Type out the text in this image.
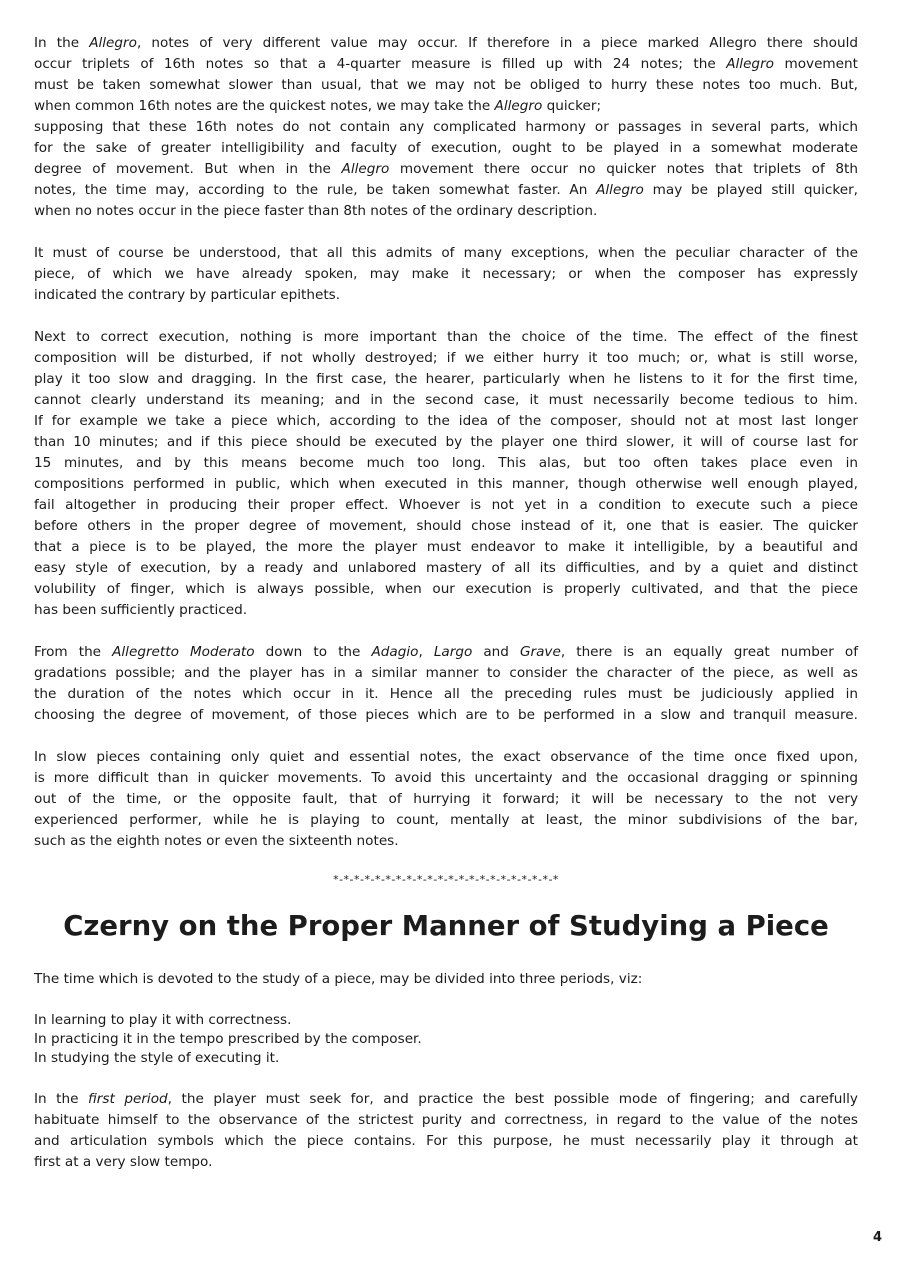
In the Allegro, notes of very different value may occur. If therefore in a piece marked Allegro there should
occur triplets of 16th notes so that a 4-quarter measure is filled up with 24 notes; the Allegro movement
must be taken somewhat slower than usual, that we may not be obliged to hurry these notes too much. But,
when common 16th notes are the quickest notes, we may take the Allegro quicker;
supposing that these 16th notes do not contain any complicated harmony or passages in several parts, which
for the sake of greater intelligibility and faculty of execution, ought to be played in a somewhat moderate
degree of movement. But when in the Allegro movement there occur no quicker notes that triplets of 8th
notes, the time may, according to the rule, be taken somewhat faster. An Allegro may be played still quicker,
when no notes occur in the piece faster than 8th notes of the ordinary description.

It must of course be understood, that all this admits of many exceptions, when the peculiar character of the
piece, of which we have already spoken, may make it necessary; or when the composer has expressly
indicated the contrary by particular epithets.

Next to correct execution, nothing is more important than the choice of the time. The effect of the finest
composition will be disturbed, if not wholly destroyed; if we either hurry it too much; or, what is still worse,
play it too slow and dragging. In the first case, the hearer, particularly when he listens to it for the first time,
cannot clearly understand its meaning; and in the second case, it must necessarily become tedious to him.
If for example we take a piece which, according to the idea of the composer, should not at most last longer
than 10 minutes; and if this piece should be executed by the player one third slower, it will of course last for
15 minutes, and by this means become much too long. This alas, but too often takes place even in
compositions performed in public, which when executed in this manner, though otherwise well enough played,
fail altogether in producing their proper effect. Whoever is not yet in a condition to execute such a piece
before others in the proper degree of movement, should chose instead of it, one that is easier. The quicker
that a piece is to be played, the more the player must endeavor to make it intelligible, by a beautiful and
easy style of execution, by a ready and unlabored mastery of all its difficulties, and by a quiet and distinct
volubility of finger, which is always possible, when our execution is properly cultivated, and that the piece
has been sufficiently practiced.

From the Allegretto Moderato down to the Adagio, Largo and Grave, there is an equally great number of
gradations possible; and the player has in a similar manner to consider the character of the piece, as well as
the duration of the notes which occur in it. Hence all the preceding rules must be judiciously applied in
choosing the degree of movement, of those pieces which are to be performed in a slow and tranquil measure.

In slow pieces containing only quiet and essential notes, the exact observance of the time once fixed upon,
is more difficult than in quicker movements. To avoid this uncertainty and the occasional dragging or spinning
out of the time, or the opposite fault, that of hurrying it forward; it will be necessary to the not very
experienced performer, while he is playing to count, mentally at least, the minor subdivisions of the bar,
such as the eighth notes or even the sixteenth notes.

*-*-*-*-*-*-*-*-*-*-*-*-*-*-*-*-*-*-*-*-*-*
Czerny on the Proper Manner of Studying a Piece

The time which is devoted to the study of a piece, may be divided into three periods, viz:

In learning to play it with correctness.
In practicing it in the tempo prescribed by the composer.
In studying the style of executing it.

In the first period, the player must seek for, and practice the best possible mode of fingering; and carefully
habituate himself to the observance of the strictest purity and correctness, in regard to the value of the notes
and articulation symbols which the piece contains. For this purpose, he must necessarily play it through at
first at a very slow tempo.

4
